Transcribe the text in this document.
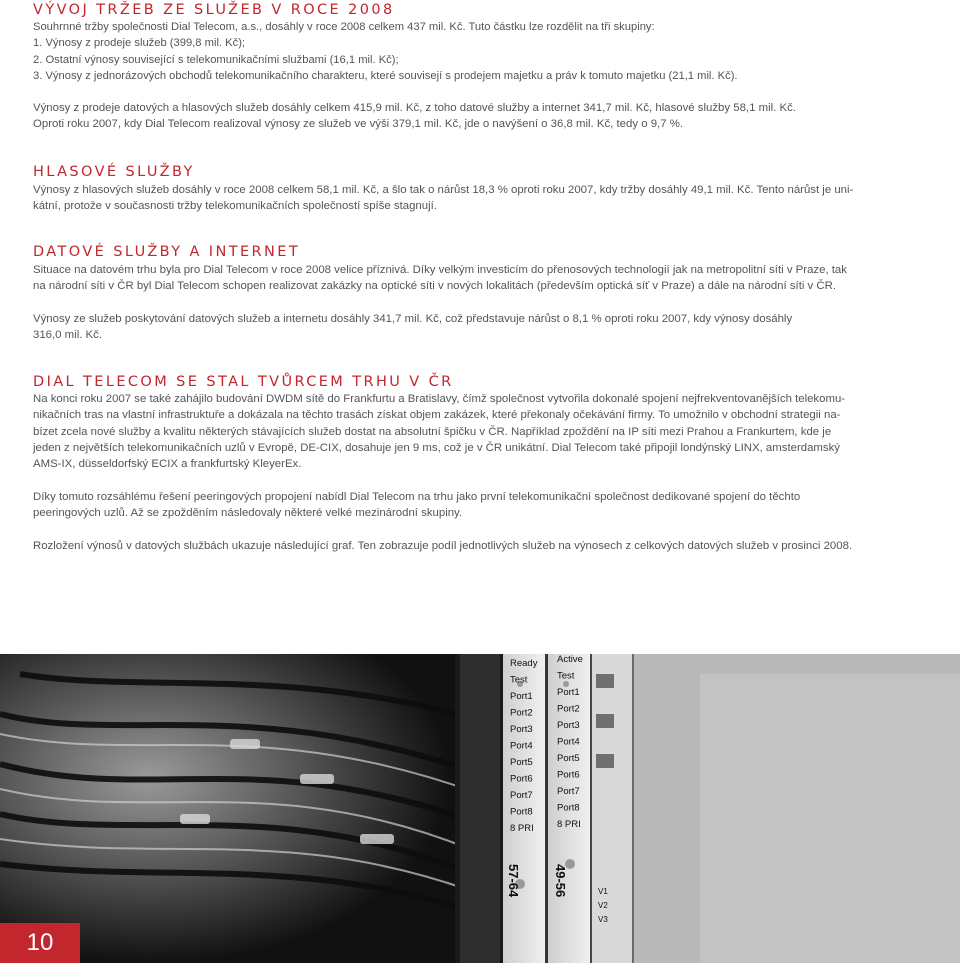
VÝVOJ TRŽEB ZE SLUŽEB V ROCE 2008

Souhrnné tržby společnosti Dial Telecom, a.s., dosáhly v roce 2008 celkem 437 mil. Kč. Tuto částku lze rozdělit na tři skupiny:

1. Výnosy z prodeje služeb (399,8 mil. Kč);

2. Ostatní výnosy související s telekomunikačními službami (16,1 mil. Kč);

3. Výnosy z jednorázových obchodů telekomunikačního charakteru, které souvisejí s prodejem majetku a práv k tomuto majetku (21,1 mil. Kč).

Výnosy z prodeje datových a hlasových služeb dosáhly celkem 415,9 mil. Kč, z toho datové služby a internet 341,7 mil. Kč, hlasové služby 58,1 mil. Kč.

Oproti roku 2007, kdy Dial Telecom realizoval výnosy ze služeb ve výši 379,1 mil. Kč, jde o navýšení o 36,8 mil. Kč, tedy o 9,7 %.

HLASOVÉ SLUŽBY

Výnosy z hlasových služeb dosáhly v roce 2008 celkem 58,1 mil. Kč, a šlo tak o nárůst 18,3 % oproti roku 2007, kdy tržby dosáhly 49,1 mil. Kč. Tento nárůst je uni-

kátní, protože v současnosti tržby telekomunikačních společností spíše stagnují.

DATOVÉ SLUŽBY A INTERNET

Situace na datovém trhu byla pro Dial Telecom v roce 2008 velice příznivá. Díky velkým investicím do přenosových technologií jak na metropolitní síti v Praze, tak

na národní síti v ČR byl Dial Telecom schopen realizovat zakázky na optické síti v nových lokalitách (především optická síť v Praze) a dále na národní síti v ČR.

Výnosy ze služeb poskytování datových služeb a internetu dosáhly 341,7 mil. Kč, což představuje nárůst o 8,1 % oproti roku 2007, kdy výnosy dosáhly

316,0 mil. Kč.

DIAL TELECOM SE STAL TVŮRCEM TRHU V ČR

Na konci roku 2007 se také zahájilo budování DWDM sítě do Frankfurtu a Bratislavy, čímž společnost vytvořila dokonalé spojení nejfrekventovanějších telekomu-

nikačních tras na vlastní infrastruktuře a dokázala na těchto trasách získat objem zakázek, které překonaly očekávání firmy. To umožnilo v obchodní strategii na-

bízet zcela nové služby a kvalitu některých stávajících služeb dostat na absolutní špičku v ČR. Například zpoždění na IP síti mezi Prahou a Frankurtem, kde je

jeden z největších telekomunikačních uzlů v Evropě, DE-CIX, dosahuje jen 9 ms, což je v ČR unikátní. Dial Telecom také připojil londýnský LINX, amsterdamský

AMS-IX, düsseldorfský ECIX a frankfurtský KleyerEx.

Díky tomuto rozsáhlému řešení peeringových propojení nabídl Dial Telecom na trhu jako první telekomunikační společnost dedikované spojení do těchto

peeringových uzlů. Až se zpožděním následovaly některé velké mezinárodní skupiny.

Rozložení výnosů v datových službách ukazuje následující graf. Ten zobrazuje podíl jednotlivých služeb na výnosech z celkových datových služeb v prosinci 2008.

Ready
Test
Port1
Port2
Port3
Port4
Port5
Port6
Port7
Port8
8 PRI
Active
Test
Port1
Port2
Port3
Port4
Port5
Port6
Port7
Port8
8 PRI
57-64 49-56	V1
V2
V3
10
